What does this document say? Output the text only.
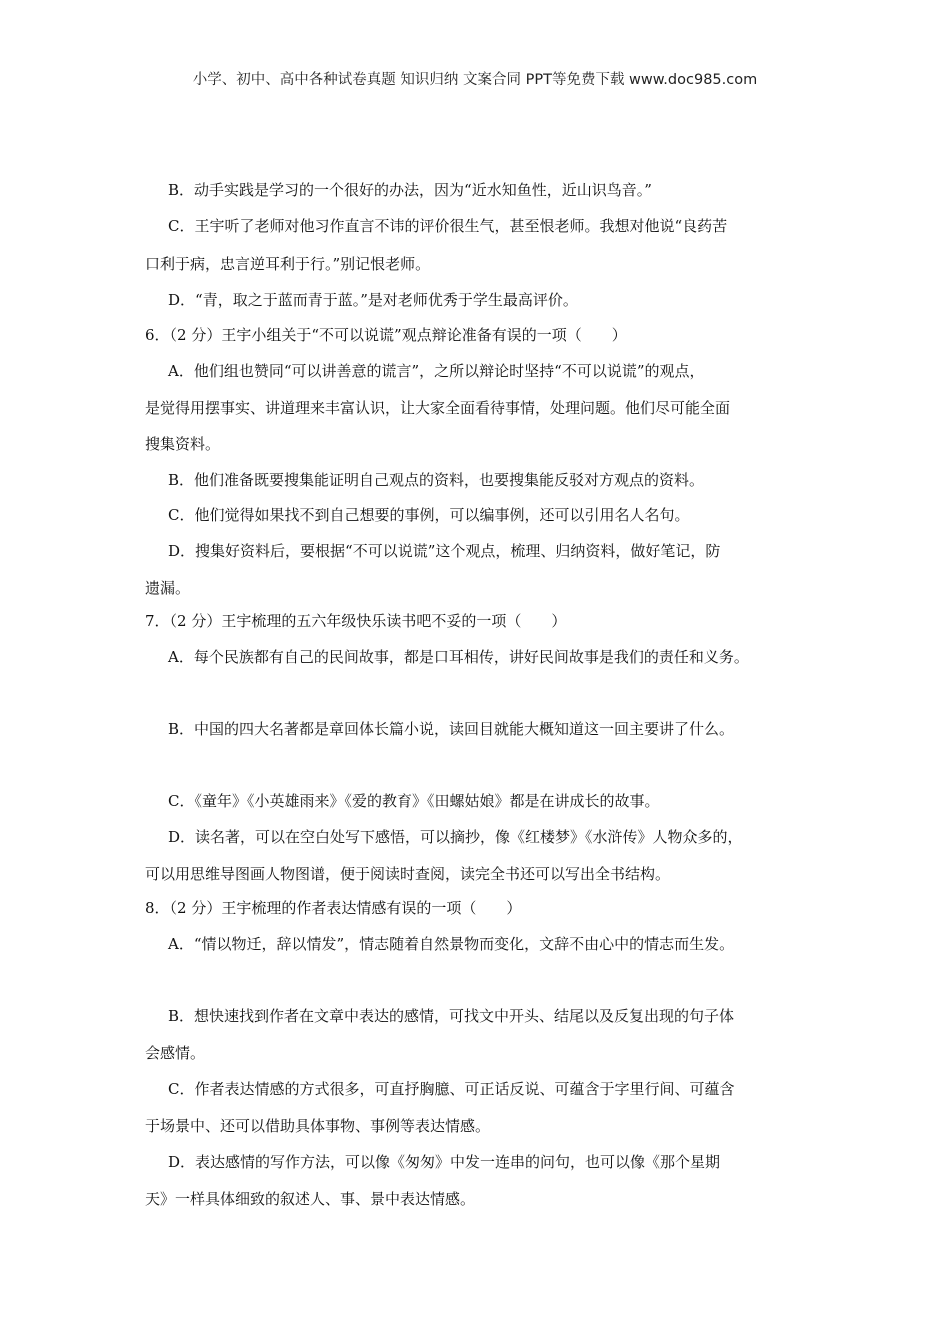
小学、初中、高中各种试卷真题 知识归纳 文案合同 PPT等免费下载 www.doc985.com
B．动手实践是学习的一个很好的办法，因为“近水知鱼性，近山识鸟音。”
C．王宇听了老师对他习作直言不讳的评价很生气，甚至恨老师。我想对他说“良药苦
口利于病，忠言逆耳利于行。”别记恨老师。
D．“青，取之于蓝而青于蓝。”是对老师优秀于学生最高评价。
6．（2 分）王宇小组关于“不可以说谎”观点辩论准备有误的一项（　　）
A．他们组也赞同“可以讲善意的谎言”，之所以辩论时坚持“不可以说谎”的观点，
是觉得用摆事实、讲道理来丰富认识，让大家全面看待事情，处理问题。他们尽可能全面
搜集资料。
B．他们准备既要搜集能证明自己观点的资料，也要搜集能反驳对方观点的资料。
C．他们觉得如果找不到自己想要的事例，可以编事例，还可以引用名人名句。
D．搜集好资料后，要根据“不可以说谎”这个观点，梳理、归纳资料，做好笔记，防
遗漏。
7．（2 分）王宇梳理的五六年级快乐读书吧不妥的一项（　　）
A．每个民族都有自己的民间故事，都是口耳相传，讲好民间故事是我们的责任和义务。
B．中国的四大名著都是章回体长篇小说，读回目就能大概知道这一回主要讲了什么。
C．《童年》《小英雄雨来》《爱的教育》《田螺姑娘》都是在讲成长的故事。
D．读名著，可以在空白处写下感悟，可以摘抄，像《红楼梦》《水浒传》人物众多的，
可以用思维导图画人物图谱，便于阅读时查阅，读完全书还可以写出全书结构。
8．（2 分）王宇梳理的作者表达情感有误的一项（　　）
A．“情以物迁，辞以情发”，情志随着自然景物而变化，文辞不由心中的情志而生发。
B．想快速找到作者在文章中表达的感情，可找文中开头、结尾以及反复出现的句子体
会感情。
C．作者表达情感的方式很多，可直抒胸臆、可正话反说、可蕴含于字里行间、可蕴含
于场景中、还可以借助具体事物、事例等表达情感。
D．表达感情的写作方法，可以像《匆匆》中发一连串的问句，也可以像《那个星期
天》一样具体细致的叙述人、事、景中表达情感。
